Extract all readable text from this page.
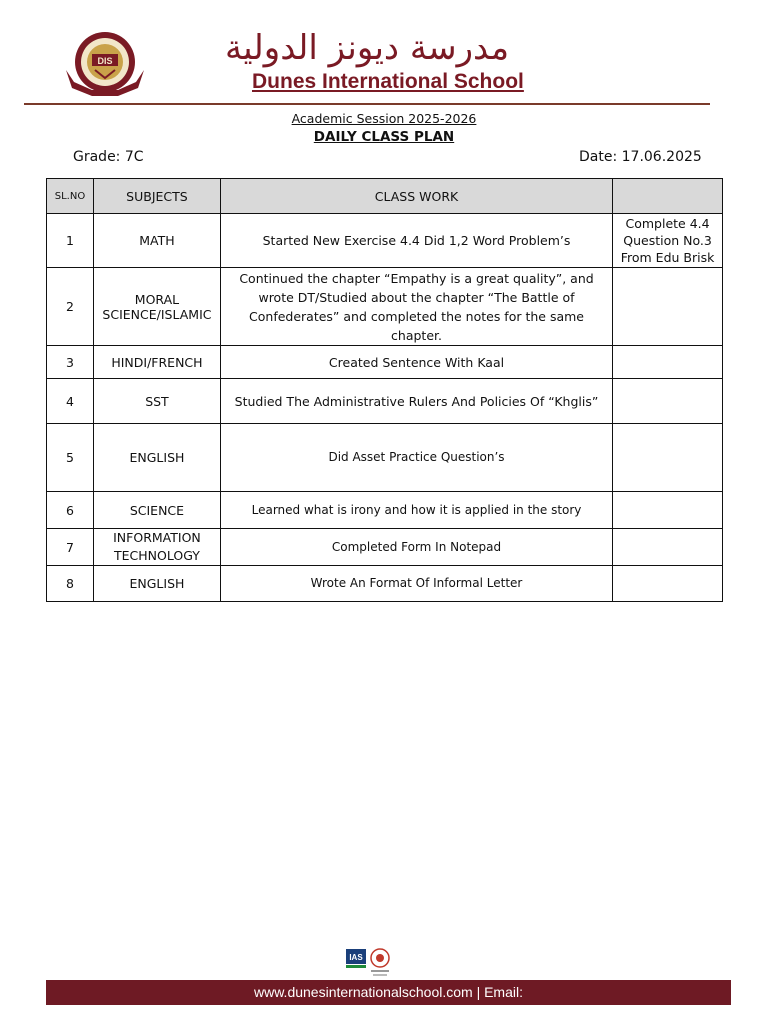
DIS	مدرسة ديونز الدولية
Dunes International School
Academic Session 2025-2026
DAILY CLASS PLAN
Grade: 7C	Date: 17.06.2025
SL.NO	SUBJECTS	CLASS WORK	
1	MATH	Started New Exercise 4.4 Did 1,2 Word Problem’s	Complete 4.4 Question No.3 From Edu Brisk
2	MORAL SCIENCE/ISLAMIC	Continued the chapter “Empathy is a great quality”, and wrote DT/Studied about the chapter “The Battle of Confederates” and completed the notes for the same chapter.	
3	HINDI/FRENCH	Created Sentence With Kaal	
4	SST	Studied The Administrative Rulers And Policies Of “Khglis”	
5	ENGLISH	Did Asset Practice Question’s	
6	SCIENCE	Learned what is irony and how it is applied in the story	
7	INFORMATION TECHNOLOGY	Completed Form In Notepad	
8	ENGLISH	Wrote An Format Of Informal Letter	
IAS
www.dunesinternationalschool.com | Email:
